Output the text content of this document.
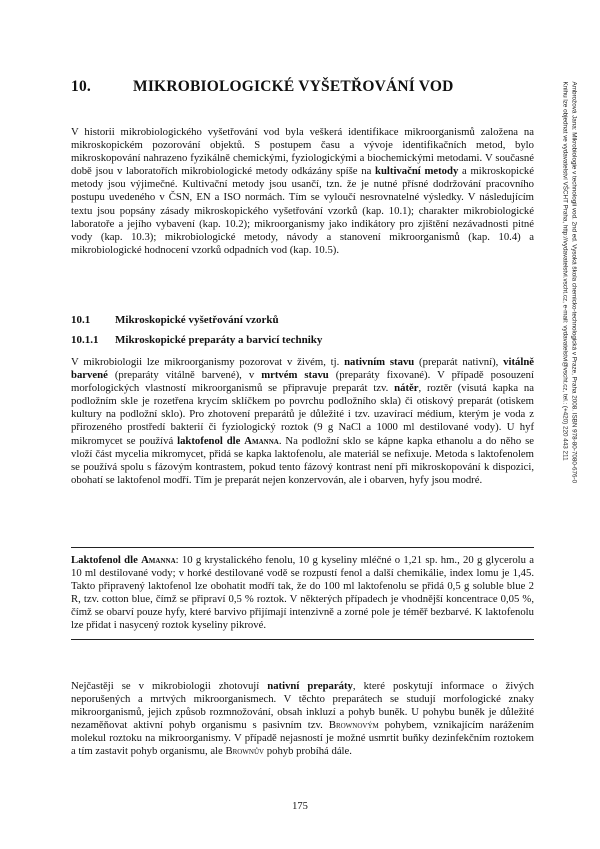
10.	MIKROBIOLOGICKÉ VYŠETŘOVÁNÍ VOD
V historii mikrobiologického vyšetřování vod byla veškerá identifikace mikroorganismů založena na mikroskopickém pozorování objektů. S postupem času a vývoje identifikačních metod, bylo mikroskopování nahrazeno fyzikálně chemickými, fyziologickými a biochemickými metodami. V současné době jsou v laboratořích mikrobiologické metody odkázány spíše na kultivační metody a mikroskopické metody jsou výjimečné. Kultivační metody jsou usančí, tzn. že je nutné přísné dodržování pracovního postupu uvedeného v ČSN, EN a ISO normách. Tím se vyloučí nesrovnatelné výsledky. V následujícím textu jsou popsány zásady mikroskopického vyšetřování vzorků (kap. 10.1); charakter mikrobiologické laboratoře a jejího vybavení (kap. 10.2); mikroorganismy jako indikátory pro zjištění nezávadnosti pitné vody (kap. 10.3); mikrobiologické metody, návody a stanovení mikroorganismů (kap. 10.4) a mikrobiologické hodnocení vzorků odpadních vod (kap. 10.5).
10.1 Mikroskopické vyšetřování vzorků
10.1.1 Mikroskopické preparáty a barvicí techniky
V mikrobiologii lze mikroorganismy pozorovat v živém, tj. nativním stavu (preparát nativní), vitálně barvené (preparáty vitálně barvené), v mrtvém stavu (preparáty fixované). V případě posouzení morfologických vlastností mikroorganismů se připravuje preparát tzv. nátěr, roztěr (visutá kapka na podložním skle je rozetřena krycím sklíčkem po povrchu podložního skla) či otiskový preparát (otiskem kultury na podložní sklo). Pro zhotovení preparátů je důležité i tzv. uzavírací médium, kterým je voda z přirozeného prostředí bakterií či fyziologický roztok (9 g NaCl a 1000 ml destilované vody). U hyf mikromycet se používá laktofenol dle Amanna. Na podložní sklo se kápne kapka ethanolu a do něho se vloží část mycelia mikromycet, přidá se kapka laktofenolu, ale materiál se nefixuje. Metoda s laktofenolem se používá spolu s fázovým kontrastem, pokud tento fázový kontrast není při mikroskopování k dispozici, obohatí se laktofenol modří. Tím je preparát nejen konzervován, ale i obarven, hyfy jsou modré.
Laktofenol dle Amanna: 10 g krystalického fenolu, 10 g kyseliny mléčné o 1,21 sp. hm., 20 g glycerolu a 10 ml destilované vody; v horké destilované vodě se rozpustí fenol a další chemikálie, index lomu je 1,45. Takto připravený laktofenol lze obohatit modří tak, že do 100 ml laktofenolu se přidá 0,5 g soluble blue 2 R, tzv. cotton blue, čímž se připraví 0,5 % roztok. V některých případech je vhodnější koncentrace 0,05 %, čímž se obarví pouze hyfy, které barvivo přijímají intenzivně a zorné pole je téměř bezbarvé. K laktofenolu lze přidat i nasycený roztok kyseliny pikrové.
Nejčastěji se v mikrobiologii zhotovují nativní preparáty, které poskytují informace o živých neporušených a mrtvých mikroorganismech. V těchto preparátech se studují morfologické znaky mikroorganismů, jejich způsob rozmnožování, obsah inkluzí a pohyb buněk. U pohybu buněk je důležité nezaměňovat aktivní pohyb organismu s pasivním tzv. Brownovým pohybem, vznikajícím narážením molekul roztoku na mikroorganismy. V případě nejasností je možné usmrtit buňky dezinfekčním roztokem a tím zastavit pohyb organismu, ale Brownův pohyb probíhá dále.
Ambrožová Jana: Mikrobiologie v technologii vod. 2nd ed. Vysoká škola chemicko-technologická v Praze, Praha 2008. ISBN 978-80-7080-676-0
Knihu lze objednat ve vydavatelství VŠCHT Praha, http://vydavatelstvi.vscht.cz, e-mail: vydavatelstvi@vscht.cz, tel.: (+420) 220 443 211
175
